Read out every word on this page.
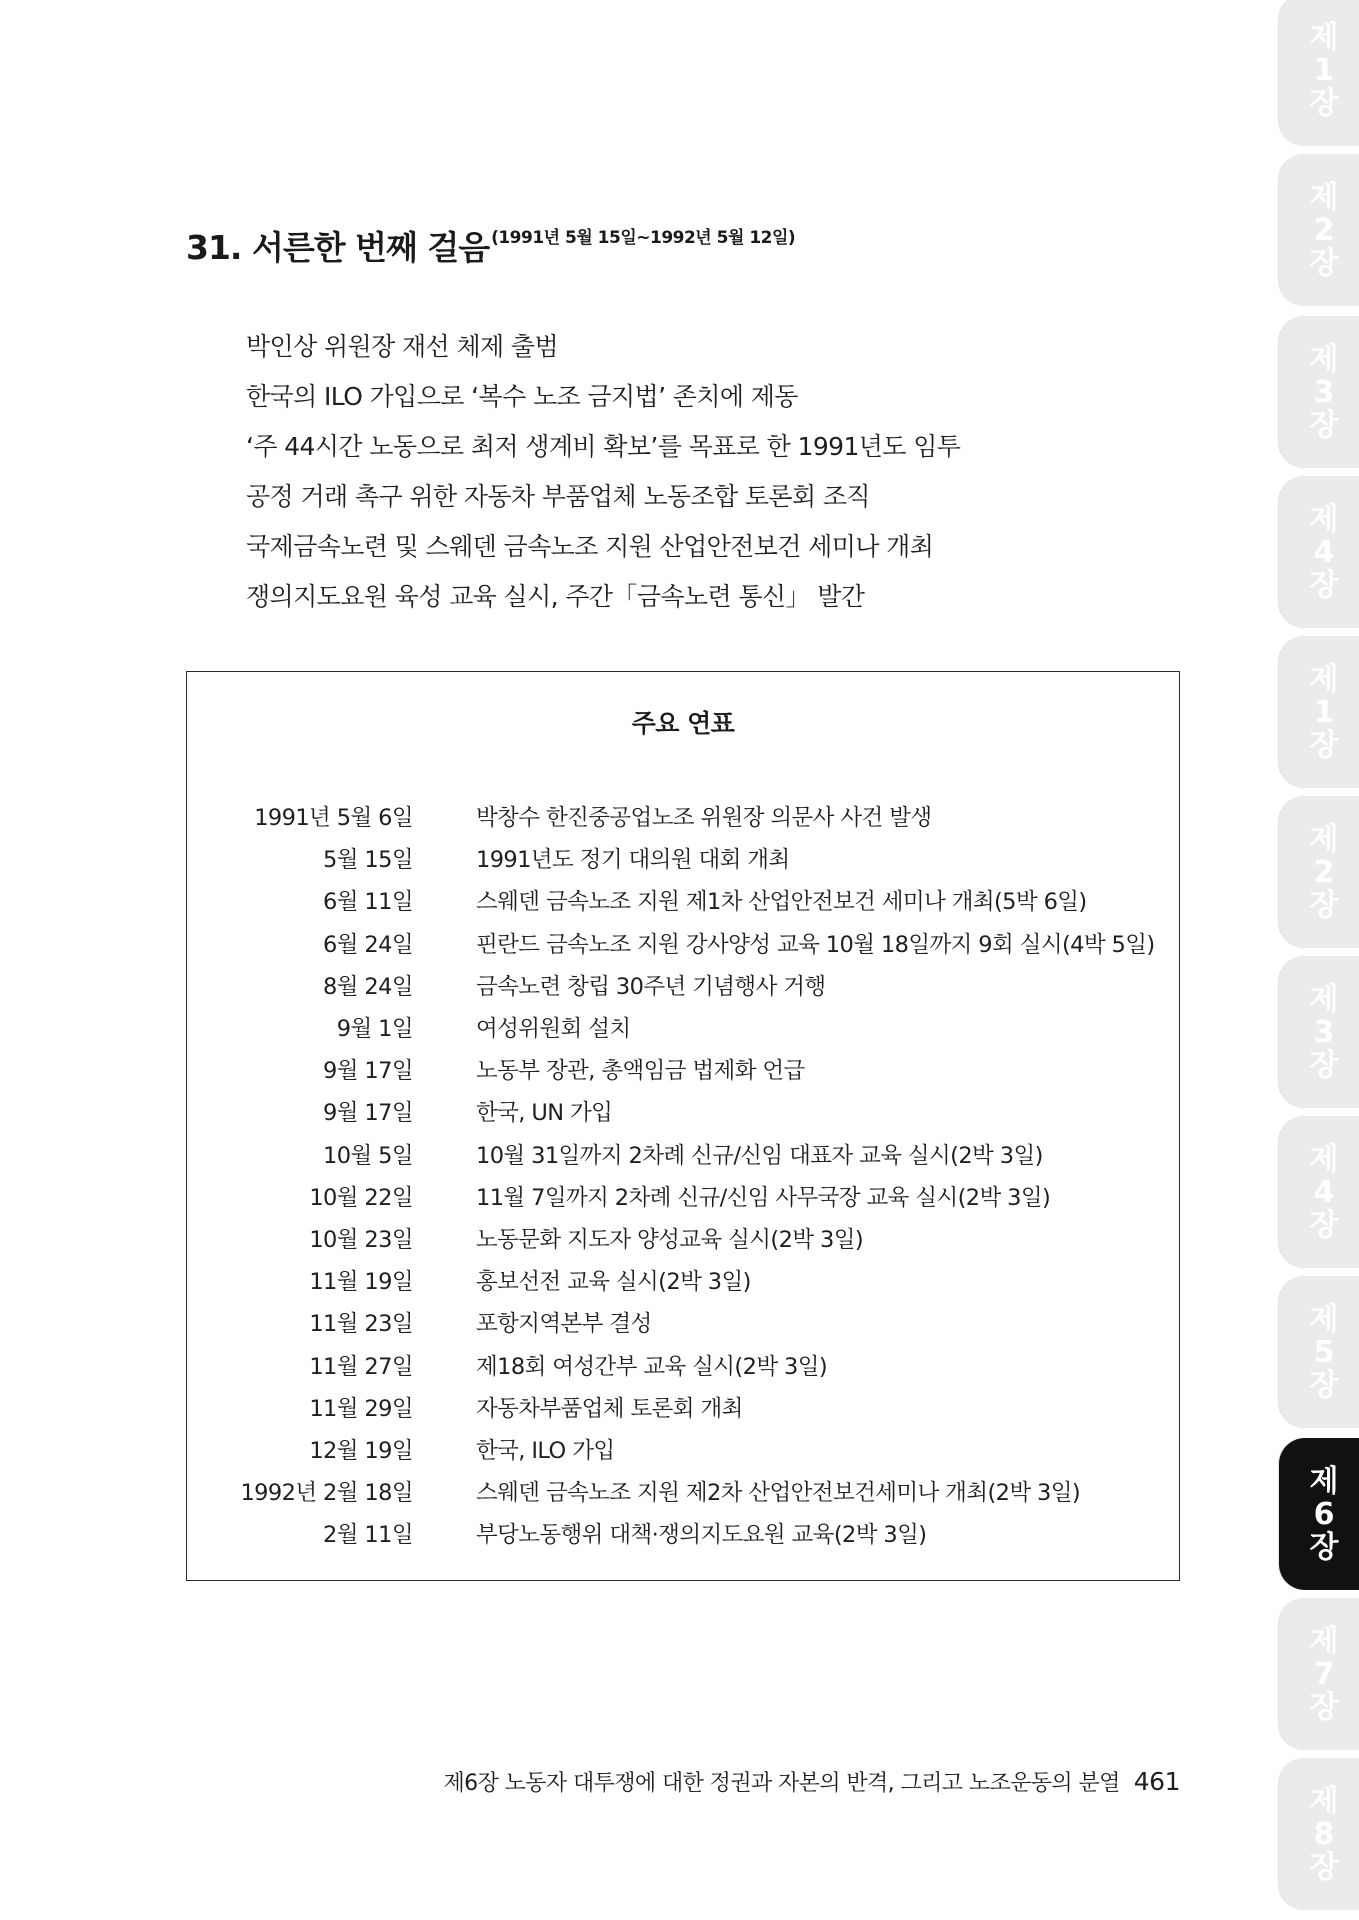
31. 서른한 번째 걸음 (1991년 5월 15일~1992년 5월 12일)
박인상 위원장 재선 체제 출범
한국의 ILO 가입으로 ‘복수 노조 금지법’ 존치에 제동
‘주 44시간 노동으로 최저 생계비 확보’를 목표로 한 1991년도 임투
공정 거래 촉구 위한 자동차 부품업체 노동조합 토론회 조직
국제금속노련 및 스웨덴 금속노조 지원 산업안전보건 세미나 개최
쟁의지도요원 육성 교육 실시, 주간「금속노련 통신」 발간
주요 연표
1991년 5월 6일		박창수 한진중공업노조 위원장 의문사 사건 발생
5월 15일		1991년도 정기 대의원 대회 개최
6월 11일		스웨덴 금속노조 지원 제1차 산업안전보건 세미나 개최(5박 6일)
6월 24일		핀란드 금속노조 지원 강사양성 교육 10월 18일까지 9회 실시(4박 5일)
8월 24일		금속노련 창립 30주년 기념행사 거행
9월 1일		여성위원회 설치
9월 17일		노동부 장관, 총액임금 법제화 언급
9월 17일		한국, UN 가입
10월 5일		10월 31일까지 2차례 신규/신임 대표자 교육 실시(2박 3일)
10월 22일		11월 7일까지 2차례 신규/신임 사무국장 교육 실시(2박 3일)
10월 23일		노동문화 지도자 양성교육 실시(2박 3일)
11월 19일		홍보선전 교육 실시(2박 3일)
11월 23일		포항지역본부 결성
11월 27일		제18회 여성간부 교육 실시(2박 3일)
11월 29일		자동차부품업체 토론회 개최
12월 19일		한국, ILO 가입
1992년 2월 18일		스웨덴 금속노조 지원 제2차 산업안전보건세미나 개최(2박 3일)
2월 11일		부당노동행위 대책·쟁의지도요원 교육(2박 3일)
제6장 노동자 대투쟁에 대한 정권과 자본의 반격, 그리고 노조운동의 분열 461
제
1
장
제
2
장
제
3
장
제
4
장
제
1
장
제
2
장
제
3
장
제
4
장
제
5
장
제
6
장
제
7
장
제
8
장
